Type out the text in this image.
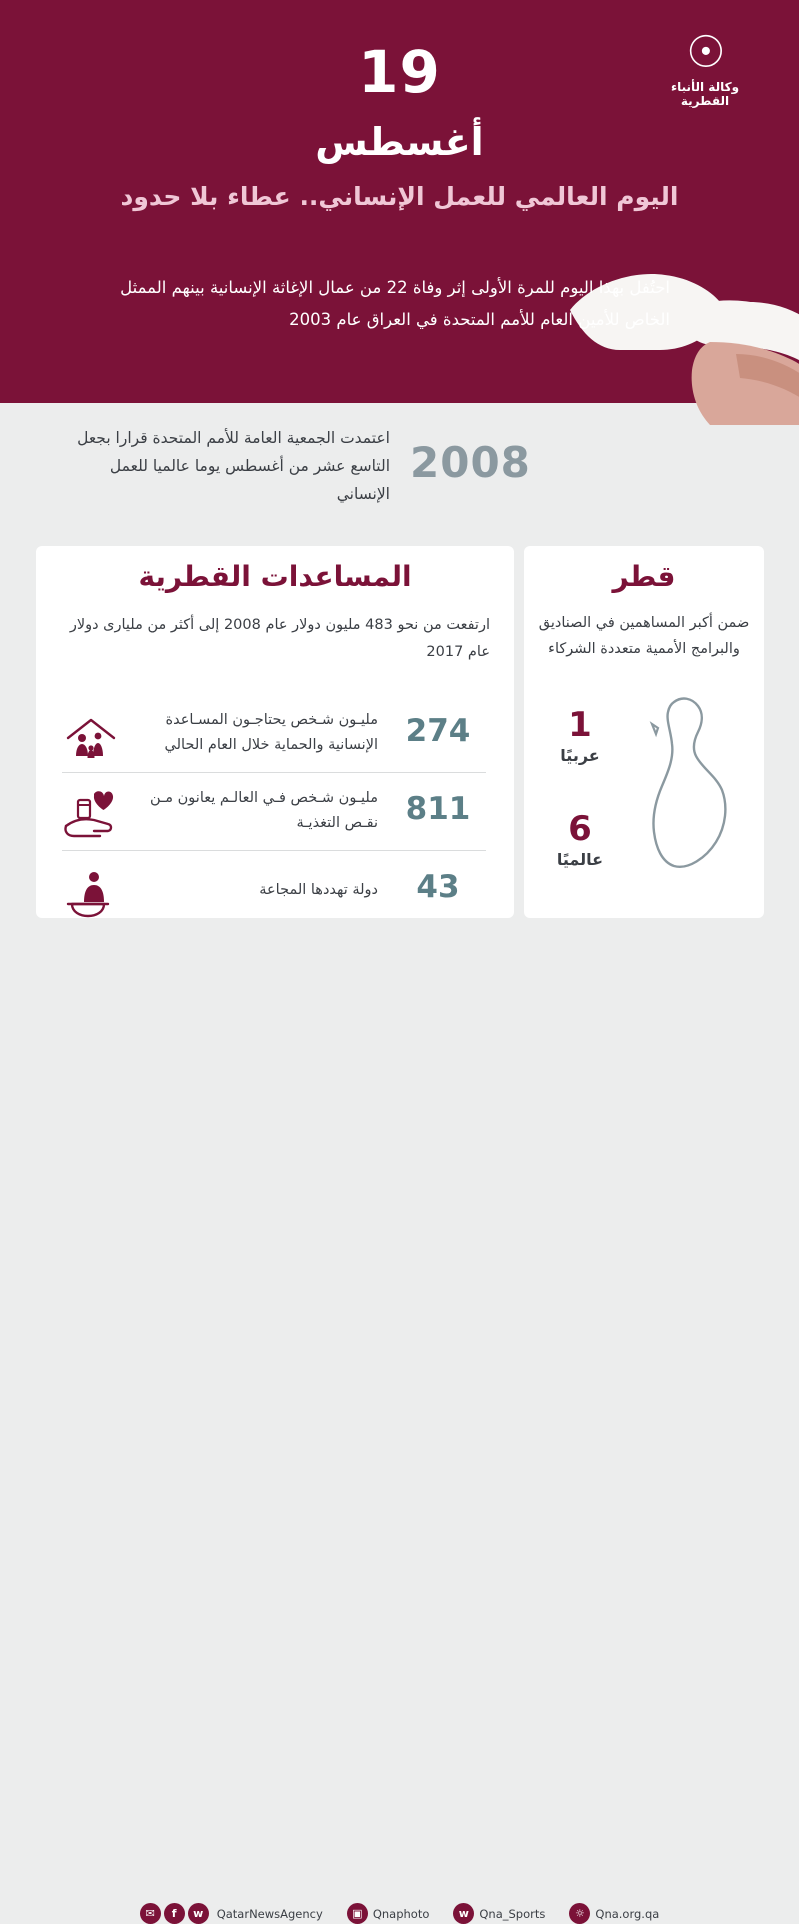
☉
وكالة الأنباء
القطرية
19
أغسطس
اليوم العالمي للعمل الإنساني.. عطاء بلا حدود
احتُفل بهذا اليوم للمرة الأولى إثر وفاة 22 من عمال الإغاثة الإنسانية بينهم الممثل الخاص للأمين العام للأمم المتحدة في العراق عام 2003
2008
اعتمدت الجمعية العامة للأمم المتحدة قرارا بجعل التاسع عشر من أغسطس يوما عالميا للعمل الإنساني
قطر
ضمن أكبر المساهمين في الصناديق والبرامج الأممية متعددة الشركاء
1
عربيًا
6
عالميًا
المساعدات القطرية
ارتفعت من نحو 483 مليون دولار عام 2008 إلى أكثر من مليارى دولار عام 2017
مليـون شـخص يحتاجـون المسـاعدة الإنسانية والحماية خلال العام الحالي 274
مليـون شـخص فـي العالـم يعانون مـن نقـص التغذيـة 811
دولة تهددها المجاعة	43
✉	f	w	QatarNewsAgency	▣ Qnaphoto	w Qna_Sports	☼ Qna.org.qa
